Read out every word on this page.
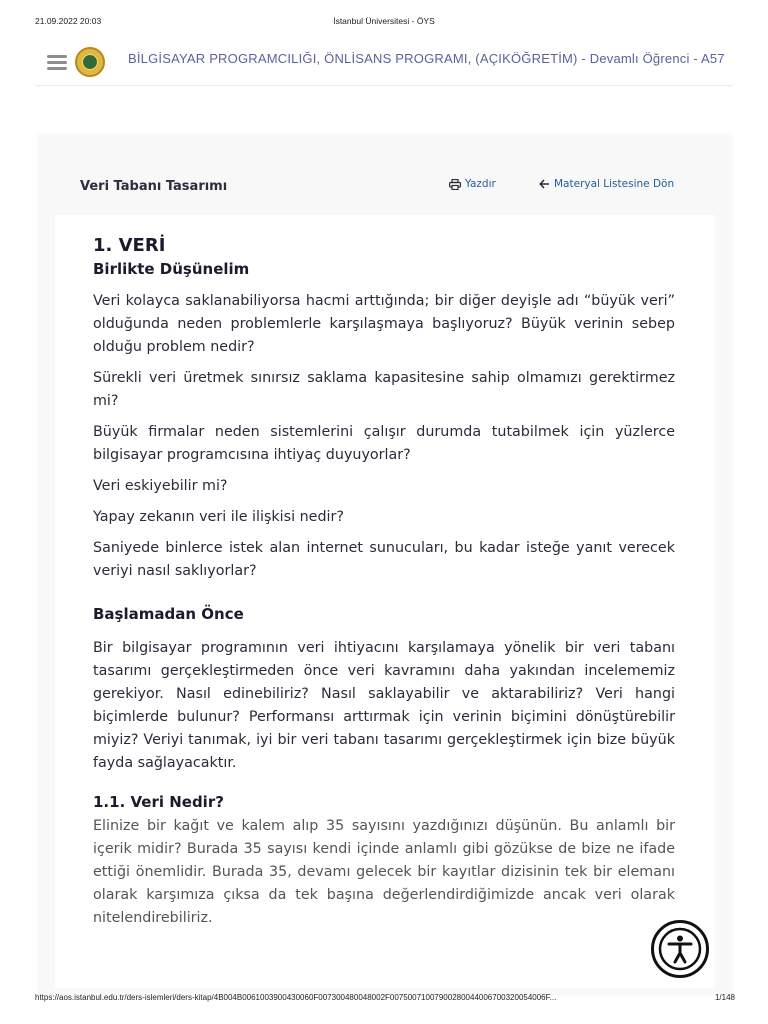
21.09.2022 20:03	İstanbul Üniversitesi - ÖYS
BİLGİSAYAR PROGRAMCILIĞI, ÖNLİSANS PROGRAMI, (AÇIKÖĞRETİM) - Devamlı Öğrenci - A57
Veri Tabanı Tasarımı	Yazdır	Materyal Listesine Dön
1. VERİ
Birlikte Düşünelim

Veri kolayca saklanabiliyorsa hacmi arttığında; bir diğer deyişle adı “büyük veri” olduğunda neden problemlerle karşılaşmaya başlıyoruz? Büyük verinin sebep olduğu problem nedir?

Sürekli veri üretmek sınırsız saklama kapasitesine sahip olmamızı gerektirmez mi?

Büyük firmalar neden sistemlerini çalışır durumda tutabilmek için yüzlerce bilgisayar programcısına ihtiyaç duyuyorlar?

Veri eskiyebilir mi?

Yapay zekanın veri ile ilişkisi nedir?

Saniyede binlerce istek alan internet sunucuları, bu kadar isteğe yanıt verecek veriyi nasıl saklıyorlar?

Başlamadan Önce

Bir bilgisayar programının veri ihtiyacını karşılamaya yönelik bir veri tabanı tasarımı gerçekleştirmeden önce veri kavramını daha yakından incelememiz gerekiyor. Nasıl edinebiliriz? Nasıl saklayabilir ve aktarabiliriz? Veri hangi biçimlerde bulunur? Performansı arttırmak için verinin biçimini dönüştürebilir miyiz? Veriyi tanımak, iyi bir veri tabanı tasarımı gerçekleştirmek için bize büyük fayda sağlayacaktır.

1.1. Veri Nedir?

Elinize bir kağıt ve kalem alıp 35 sayısını yazdığınızı düşünün. Bu anlamlı bir içerik midir? Burada 35 sayısı kendi içinde anlamlı gibi gözükse de bize ne ifade ettiği önemlidir. Burada 35, devamı gelecek bir kayıtlar dizisinin tek bir elemanı olarak karşımıza çıksa da tek başına değerlendirdiğimizde ancak veri olarak nitelendirebiliriz.

https://aos.istanbul.edu.tr/ders-islemleri/ders-kitap/4B004B0061003900430060F007300480048002F00750071007900280044006700320054006F...	1/148
